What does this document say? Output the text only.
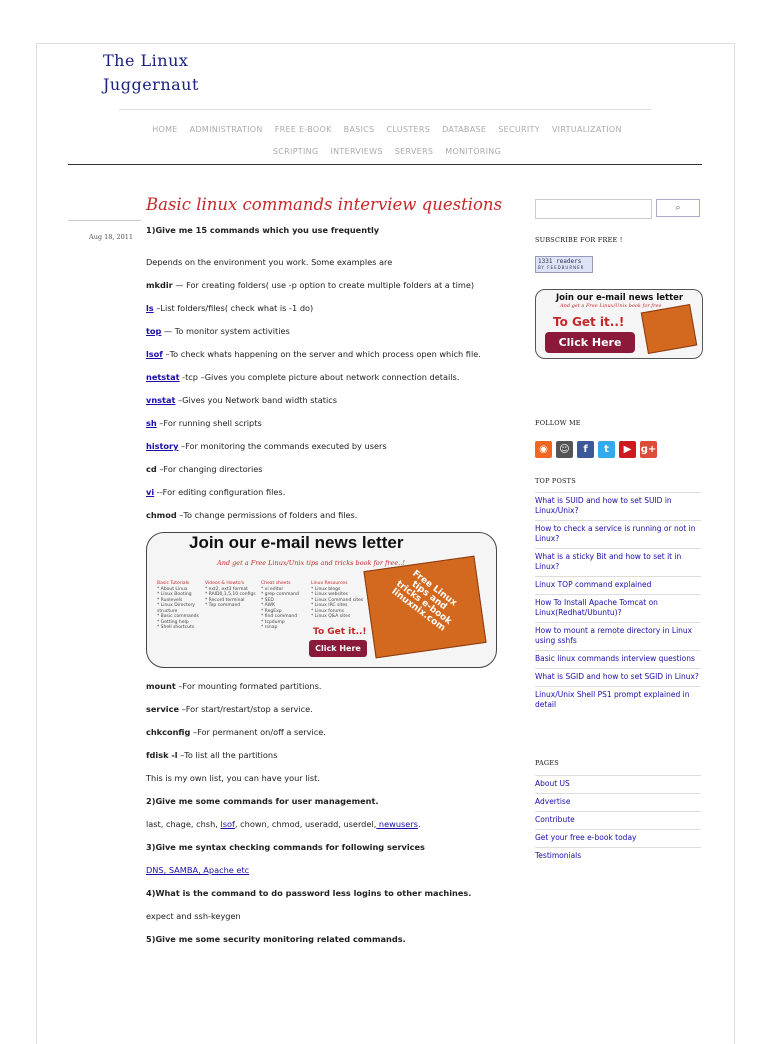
The Linux
Juggernaut
HOME ADMINISTRATION FREE E-BOOK BASICS CLUSTERS DATABASE SECURITY VIRTUALIZATION
SCRIPTING INTERVIEWS SERVERS MONITORING
Basic linux commands interview questions
Aug 18, 2011

1)Give me 15 commands which you use frequently

Depends on the environment you work. Some examples are

mkdir — For creating folders( use -p option to create multiple folders at a time)

ls –List folders/files( check what is -1 do)

top — To monitor system activities

lsof –To check whats happening on the server and which process open which file.

netstat -tcp –Gives you complete picture about network connection details.

vnstat –Gives you Network band width statics

sh –For running shell scripts

history –For monitoring the commands executed by users

cd –For changing directories

vi --For editing configuration files.

chmod –To change permissions of folders and files.

Join our e-mail news letter
And get a Free Linux/Unix tips and tricks book for free..!
Basic Tutorials
* About Linux
* Linux Booting
* Runlevels
* Linux Directory
structure
* Basic commands
* Getting help
* Shell shortcuts
Videos & Howto's
* ext2, ext3 format
* RAID0,1,5,10 configs
* Record terminal
* Top command
Cheat sheets
* vi editor
* grep command
* SED
* AWK
* RegExp
* find command
* tcpdump
* rsnap
Linux Resources
* Linux blogs
* Linux websites
* Linux Command sites
* Linux IRC sites
* Linux forums
* Linux Q&A sites
Free Linux tips and tricks e-book linuxnix.com
To Get it..!
Click Here

mount –For mounting formated partitions.

service –For start/restart/stop a service.

chkconfig –For permanent on/off a service.

fdisk -l –To list all the partitions

This is my own list, you can have your list.

2)Give me some commands for user management.

last, chage, chsh, lsof, chown, chmod, useradd, userdel, newusers.

3)Give me syntax checking commands for following services

DNS, SAMBA, Apache etc

4)What is the command to do password less logins to other machines.

expect and ssh-keygen

5)Give me some security monitoring related commands.

⌕
SUBSCRIBE FOR FREE !
1331 readers
BY FEEDBURNER
Join our e-mail news letter
And get a Free Linux/Unix book for free
To Get it..!
Click Here
FOLLOW ME
◉ ☺ f t ▶ g+
TOP POSTS
What is SUID and how to set SUID in Linux/Unix?
How to check a service is running or not in Linux?
What is a sticky Bit and how to set it in Linux?
Linux TOP command explained
How To Install Apache Tomcat on Linux(Redhat/Ubuntu)?
How to mount a remote directory in Linux using sshfs
Basic linux commands interview questions
What is SGID and how to set SGID in Linux?
Linux/Unix Shell PS1 prompt explained in detail
PAGES
About US
Advertise
Contribute
Get your free e-book today
Testimonials
